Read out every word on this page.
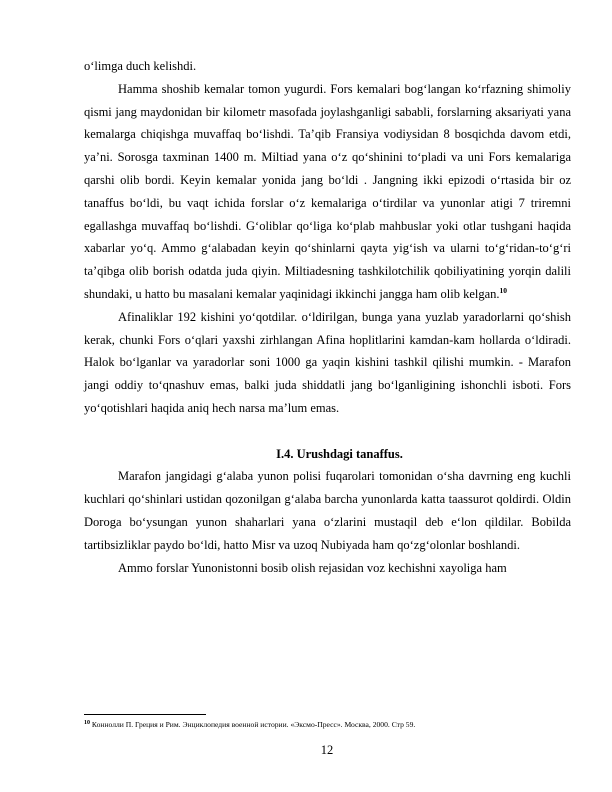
o‘limga duch kelishdi.

Hamma shoshib kemalar tomon yugurdi. Fors kemalari bog‘langan ko‘rfazning shimoliy qismi jang maydonidan bir kilometr masofada joylashganligi sababli, forslarning aksariyati yana kemalarga chiqishga muvaffaq bo‘lishdi. Ta’qib Fransiya vodiysidan 8 bosqichda davom etdi, ya’ni. Sorosga taxminan 1400 m. Miltiad yana o‘z qo‘shinini to‘pladi va uni Fors kemalariga qarshi olib bordi. Keyin kemalar yonida jang bo‘ldi . Jangning ikki epizodi o‘rtasida bir oz tanaffus bo‘ldi, bu vaqt ichida forslar o‘z kemalariga o‘tirdilar va yunonlar atigi 7 triremni egallashga muvaffaq bo‘lishdi. G‘oliblar qo‘liga ko‘plab mahbuslar yoki otlar tushgani haqida xabarlar yo‘q. Ammo g‘alabadan keyin qo‘shinlarni qayta yig‘ish va ularni to‘g‘ridan-to‘g‘ri ta’qibga olib borish odatda juda qiyin. Miltiadesning tashkilotchilik qobiliyatining yorqin dalili shundaki, u hatto bu masalani kemalar yaqinidagi ikkinchi jangga ham olib kelgan.$^{10}$

Afinaliklar 192 kishini yo‘qotdilar. o‘ldirilgan, bunga yana yuzlab yaradorlarni qo‘shish kerak, chunki Fors o‘qlari yaxshi zirhlangan Afina hoplitlarini kamdan-kam hollarda o‘ldiradi. Halok bo‘lganlar va yaradorlar soni 1000 ga yaqin kishini tashkil qilishi mumkin. - Marafon jangi oddiy to‘qnashuv emas, balki juda shiddatli jang bo‘lganligining ishonchli isboti. Fors yo‘qotishlari haqida aniq hech narsa ma’lum emas.

I.4. Urushdagi tanaffus.

Marafon jangidagi g‘alaba yunon polisi fuqarolari tomonidan o‘sha davrning eng kuchli kuchlari qo‘shinlari ustidan qozonilgan g‘alaba barcha yunonlarda katta taassurot qoldirdi. Oldin Doroga bo‘ysungan yunon shaharlari yana o‘zlarini mustaqil deb e‘lon qildilar. Bobilda tartibsizliklar paydo bo‘ldi, hatto Misr va uzoq Nubiyada ham qo‘zg‘olonlar boshlandi.

Ammo forslar Yunonistonni bosib olish rejasidan voz kechishni xayoliga ham

$^{10}$ Коннолли П. Греция и Рим. Энциклопедия военной истории. «Эксмо-Пресс». Москва, 2000. Стр 59.
12
